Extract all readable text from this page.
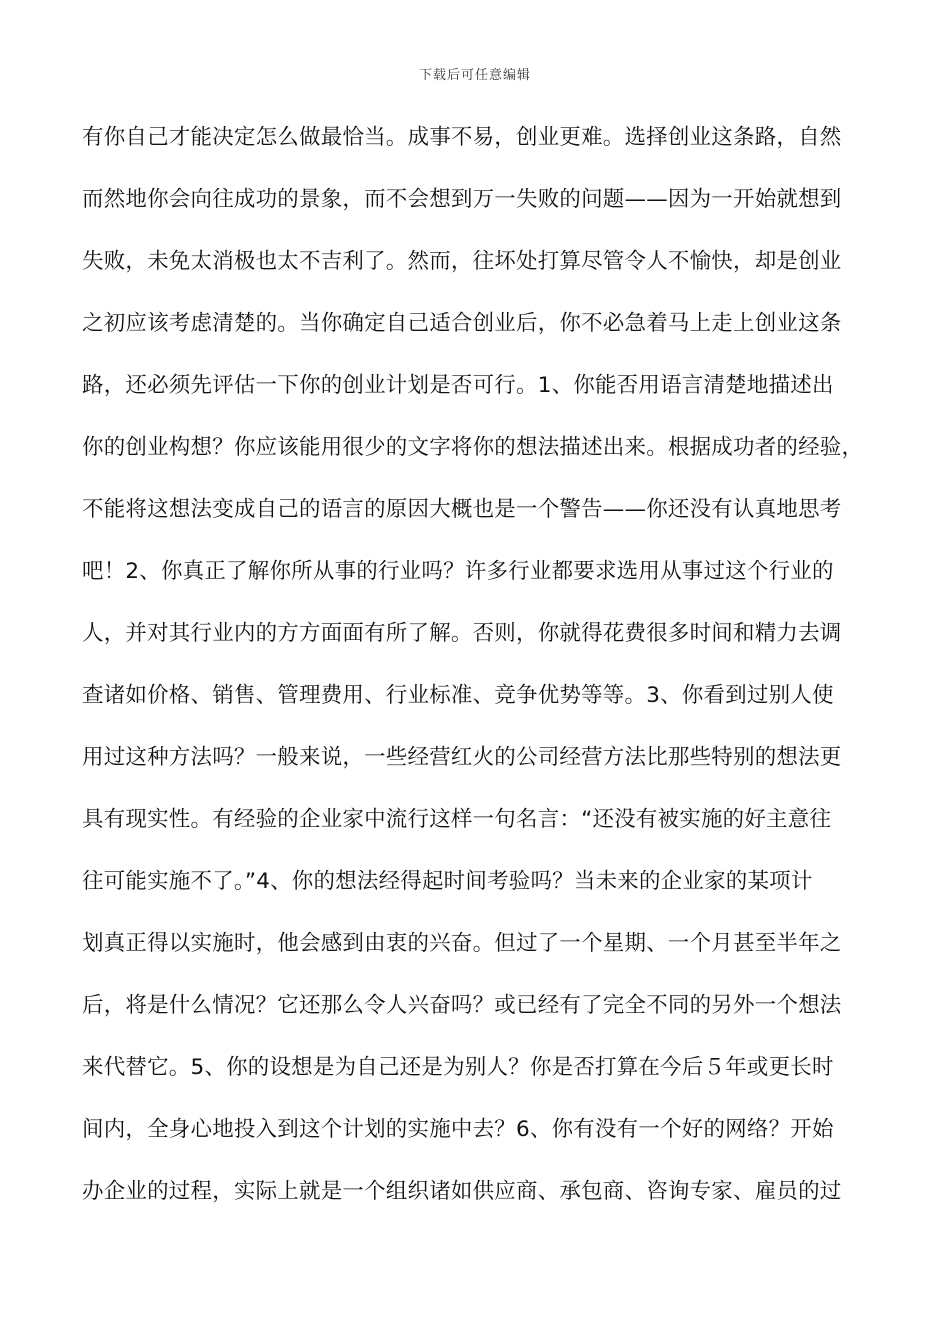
下载后可任意编辑
有你自己才能决定怎么做最恰当。成事不易，创业更难。选择创业这条路，自然
而然地你会向往成功的景象，而不会想到万一失败的问题——因为一开始就想到
失败，未免太消极也太不吉利了。然而，往坏处打算尽管令人不愉快，却是创业
之初应该考虑清楚的。当你确定自己适合创业后，你不必急着马上走上创业这条
路，还必须先评估一下你的创业计划是否可行。1、你能否用语言清楚地描述出
你的创业构想？你应该能用很少的文字将你的想法描述出来。根据成功者的经验，
不能将这想法变成自己的语言的原因大概也是一个警告——你还没有认真地思考
吧！2、你真正了解你所从事的行业吗？许多行业都要求选用从事过这个行业的
人，并对其行业内的方方面面有所了解。否则，你就得花费很多时间和精力去调
查诸如价格、销售、管理费用、行业标准、竞争优势等等。3、你看到过别人使
用过这种方法吗？一般来说，一些经营红火的公司经营方法比那些特别的想法更
具有现实性。有经验的企业家中流行这样一句名言：“还没有被实施的好主意往
往可能实施不了。”4、你的想法经得起时间考验吗？当未来的企业家的某项计
划真正得以实施时，他会感到由衷的兴奋。但过了一个星期、一个月甚至半年之
后，将是什么情况？它还那么令人兴奋吗？或已经有了完全不同的另外一个想法
来代替它。5、你的设想是为自己还是为别人？你是否打算在今后５年或更长时
间内，全身心地投入到这个计划的实施中去？6、你有没有一个好的网络？开始
办企业的过程，实际上就是一个组织诸如供应商、承包商、咨询专家、雇员的过
